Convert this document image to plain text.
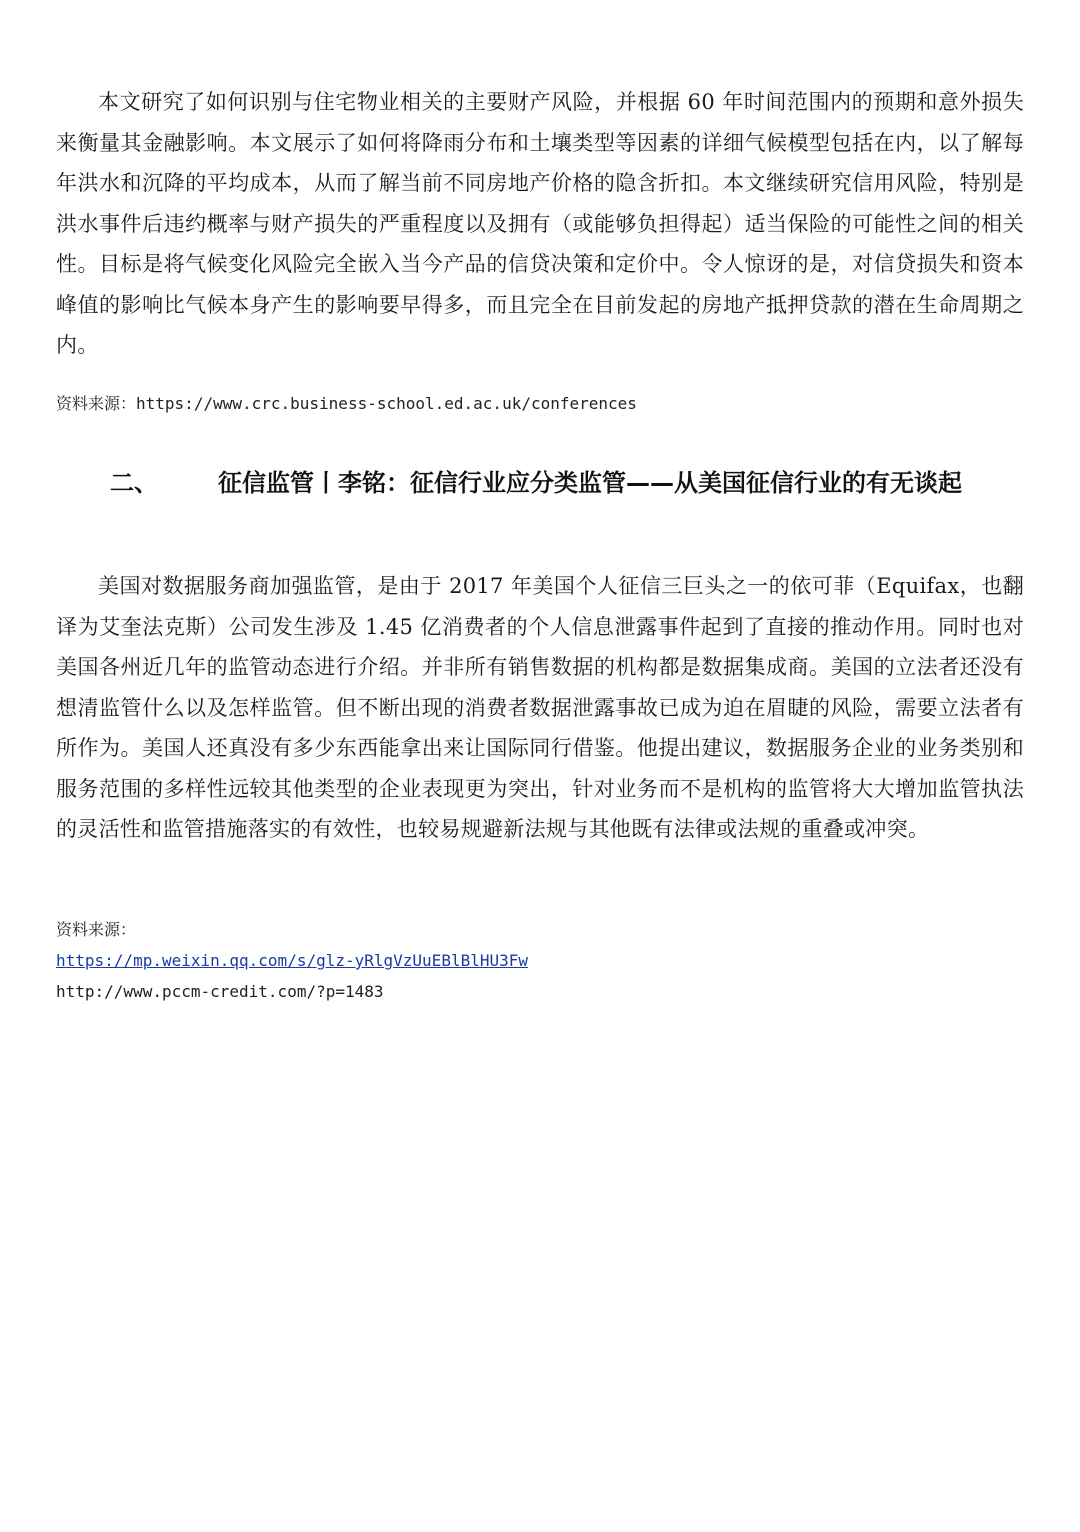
本文研究了如何识别与住宅物业相关的主要财产风险，并根据 60 年时间范围内的预期和意外损失来衡量其金融影响。本文展示了如何将降雨分布和土壤类型等因素的详细气候模型包括在内，以了解每年洪水和沉降的平均成本，从而了解当前不同房地产价格的隐含折扣。本文继续研究信用风险，特别是洪水事件后违约概率与财产损失的严重程度以及拥有（或能够负担得起）适当保险的可能性之间的相关性。目标是将气候变化风险完全嵌入当今产品的信贷决策和定价中。令人惊讶的是，对信贷损失和资本峰值的影响比气候本身产生的影响要早得多，而且完全在目前发起的房地产抵押贷款的潜在生命周期之内。

资料来源：https://www.crc.business-school.ed.ac.uk/conferences
二、	征信监管丨李铭：征信行业应分类监管——从美国征信行业的有无谈起

美国对数据服务商加强监管，是由于 2017 年美国个人征信三巨头之一的依可菲（Equifax，也翻译为艾奎法克斯）公司发生涉及 1.45 亿消费者的个人信息泄露事件起到了直接的推动作用。同时也对美国各州近几年的监管动态进行介绍。并非所有销售数据的机构都是数据集成商。美国的立法者还没有想清监管什么以及怎样监管。但不断出现的消费者数据泄露事故已成为迫在眉睫的风险，需要立法者有所作为。美国人还真没有多少东西能拿出来让国际同行借鉴。他提出建议，数据服务企业的业务类别和服务范围的多样性远较其他类型的企业表现更为突出，针对业务而不是机构的监管将大大增加监管执法的灵活性和监管措施落实的有效性，也较易规避新法规与其他既有法律或法规的重叠或冲突。

资料来源：
https://mp.weixin.qq.com/s/glz-yRlgVzUuEBlBlHU3Fw
http://www.pccm-credit.com/?p=1483
